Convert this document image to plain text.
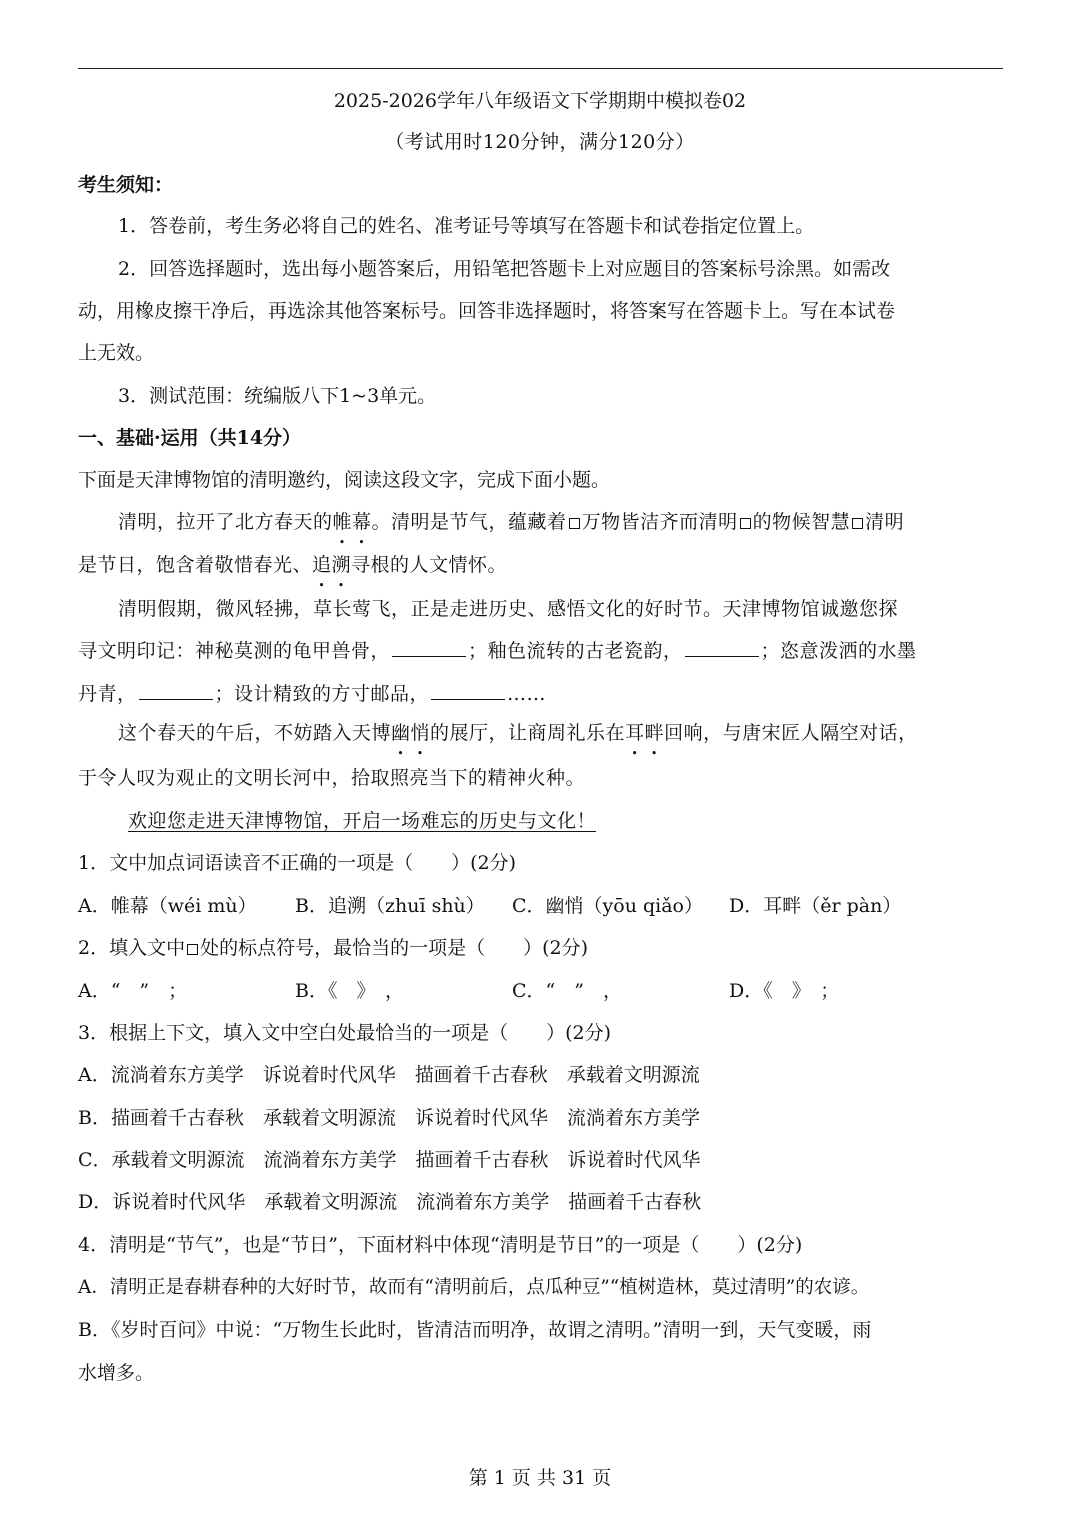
2025-2026学年八年级语文下学期期中模拟卷02
（考试用时120分钟，满分120分）
考生须知：
1．答卷前，考生务必将自己的姓名、准考证号等填写在答题卡和试卷指定位置上。
2．回答选择题时，选出每小题答案后，用铅笔把答题卡上对应题目的答案标号涂黑。如需改
动，用橡皮擦干净后，再选涂其他答案标号。回答非选择题时，将答案写在答题卡上。写在本试卷
上无效。
3．测试范围：统编版八下1~3单元。
一、基础·运用（共14分）
下面是天津博物馆的清明邀约，阅读这段文字，完成下面小题。
清明，拉开了北方春天的帷幕。清明是节气，蕴藏着 万物皆洁齐而清明 的物候智慧 清明
是节日，饱含着敬惜春光、追溯寻根的人文情怀。
清明假期，微风轻拂，草长莺飞，正是走进历史、感悟文化的好时节。天津博物馆诚邀您探
寻文明印记：神秘莫测的龟甲兽骨，	；釉色流转的古老瓷韵，	；恣意泼洒的水墨
丹青，	；设计精致的方寸邮品，	……
这个春天的午后，不妨踏入天博幽悄的展厅，让商周礼乐在耳畔回响，与唐宋匠人隔空对话，
于令人叹为观止的文明长河中，拾取照亮当下的精神火种。
欢迎您走进天津博物馆，开启一场难忘的历史与文化！
1．文中加点词语读音不正确的一项是（　　）(2分)
A．帷幕（wéi mù） B．追溯（zhuī shù） C．幽悄（yōu qiǎo） D．耳畔（ěr pàn）
2．填入文中 处的标点符号，最恰当的一项是（　　）(2分)
A．“　”　；	B．《　》　，	C．“　”　，	D．《　》　；
3．根据上下文，填入文中空白处最恰当的一项是（　　）(2分)
A．流淌着东方美学　诉说着时代风华　描画着千古春秋　承载着文明源流
B．描画着千古春秋　承载着文明源流　诉说着时代风华　流淌着东方美学
C．承载着文明源流　流淌着东方美学　描画着千古春秋　诉说着时代风华
D．诉说着时代风华　承载着文明源流　流淌着东方美学　描画着千古春秋
4．清明是“节气”，也是“节日”，下面材料中体现“清明是节日”的一项是（　　）(2分)
A．清明正是春耕春种的大好时节，故而有“清明前后，点瓜种豆”“植树造林，莫过清明”的农谚。
B．《岁时百问》中说：“万物生长此时，皆清洁而明净，故谓之清明。”清明一到，天气变暖，雨
水增多。
第 1 页 共 31 页
